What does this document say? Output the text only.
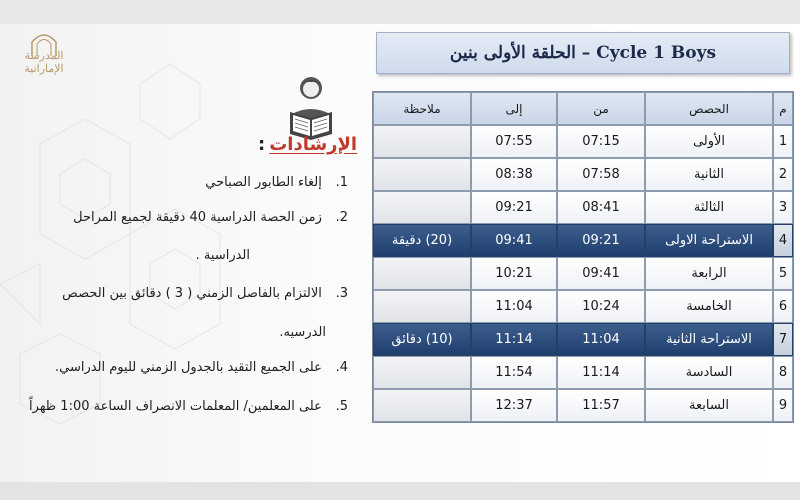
المدرسة
الإماراتية
الإرشادات:
1. إلغاء الطابور الصباحي
2. زمن الحصة الدراسية 40 دقيقة لجميع المراحل
الدراسية .
3. الالتزام بالفاصل الزمني ( 3 ) دقائق بين الحصص
الدرسيه.
4. على الجميع التقيد بالجدول الزمني لليوم الدراسي.
5. على المعلمين/ المعلمات الانصراف الساعة 1:00 ظهراً
الحلقة الأولى بنين – Cycle 1 Boys
م	الحصص	من	إلى	ملاحظة
1	الأولى	07:15	07:55	
2	الثانية	07:58	08:38	
3	الثالثة	08:41	09:21	
4	الاستراحة الاولى	09:21	09:41	(20) دقيقة
5	الرابعة	09:41	10:21	
6	الخامسة	10:24	11:04	
7	الاستراحة الثانية	11:04	11:14	(10) دقائق
8	السادسة	11:14	11:54	
9	السابعة	11:57	12:37	
